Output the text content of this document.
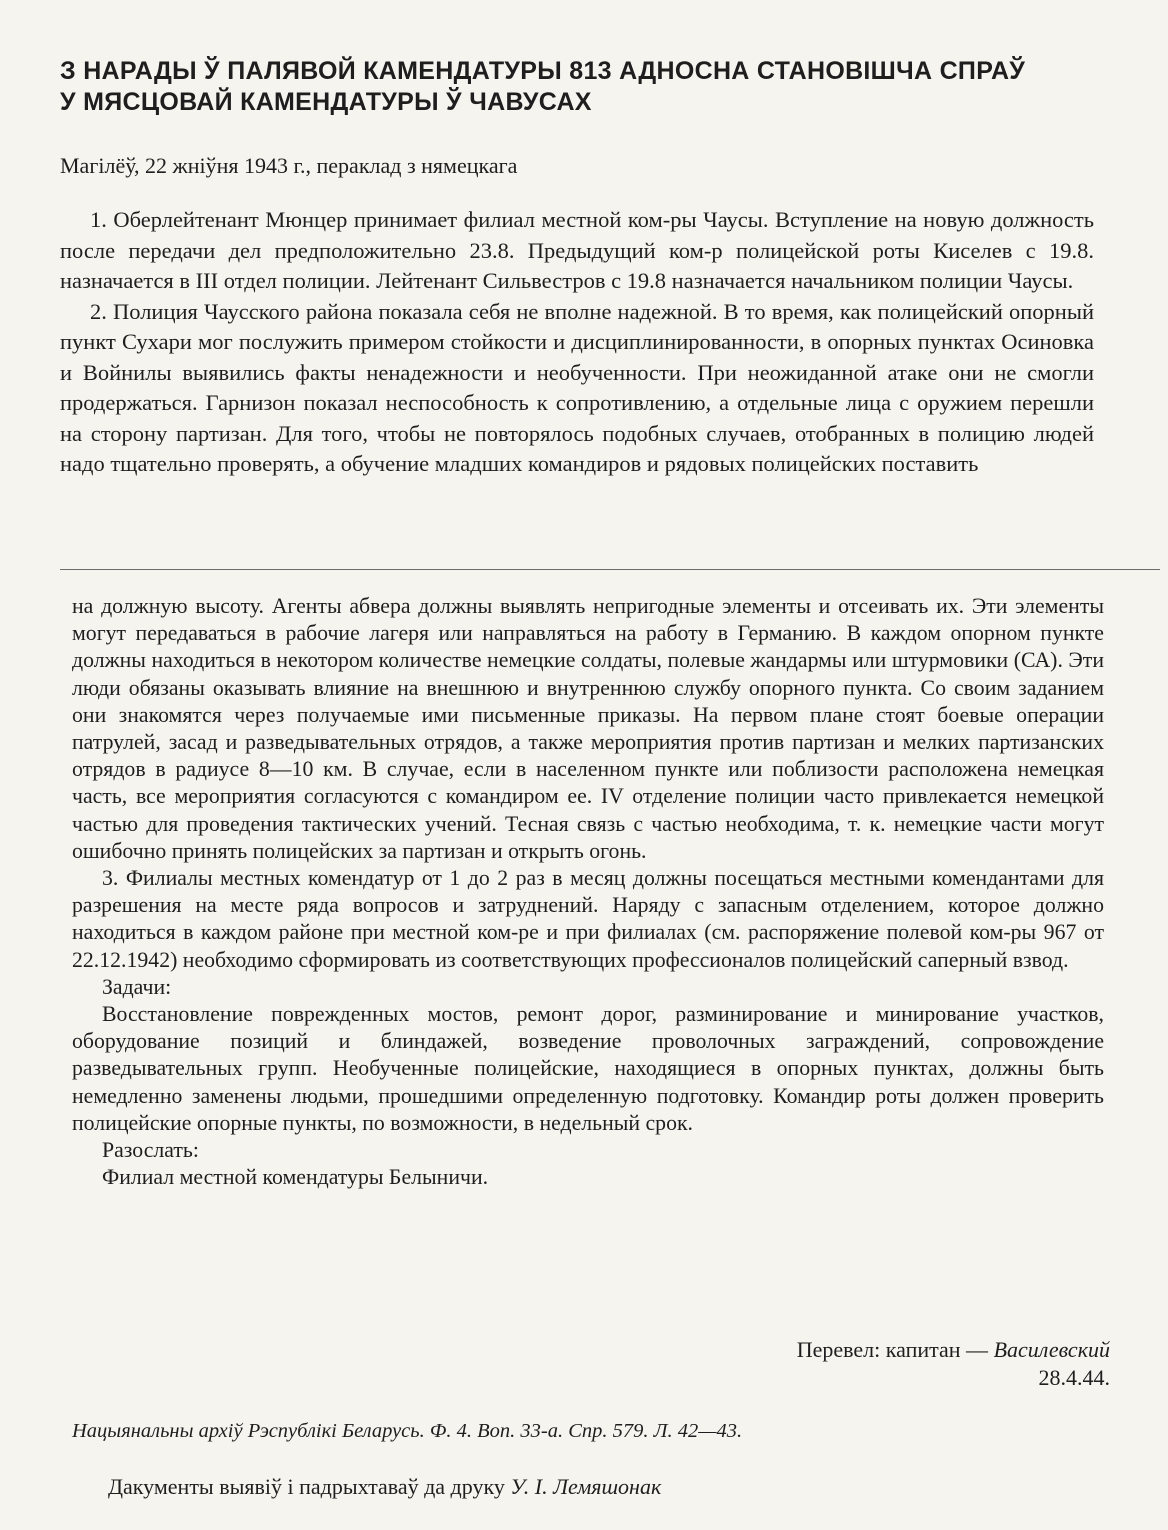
З НАРАДЫ Ў ПАЛЯВОЙ КАМЕНДАТУРЫ 813 АДНОСНА СТАНОВІШЧА СПРАЎ
У МЯСЦОВАЙ КАМЕНДАТУРЫ Ў ЧАВУСАХ
Магілёў, 22 жніўня 1943 г., пераклад з нямецкага

1. Оберлейтенант Мюнцер принимает филиал местной ком-ры Чаусы. Вступление на новую должность после передачи дел предположительно 23.8. Предыдущий ком-р полицейской роты Киселев с 19.8. назначается в III отдел полиции. Лейтенант Сильвестров с 19.8 назначается начальником полиции Чаусы.

2. Полиция Чаусского района показала себя не вполне надежной. В то время, как полицейский опорный пункт Сухари мог послужить примером стойкости и дисциплинированности, в опорных пунктах Осиновка и Войнилы выявились факты ненадежности и необученности. При неожиданной атаке они не смогли продержаться. Гарнизон показал неспособность к сопротивлению, а отдельные лица с оружием перешли на сторону партизан. Для того, чтобы не повторялось подобных случаев, отобранных в полицию людей надо тщательно проверять, а обучение младших командиров и рядовых полицейских поставить

на должную высоту. Агенты абвера должны выявлять непригодные элементы и отсеивать их. Эти элементы могут передаваться в рабочие лагеря или направляться на работу в Германию. В каждом опорном пункте должны находиться в некотором количестве немецкие солдаты, полевые жандармы или штурмовики (СА). Эти люди обязаны оказывать влияние на внешнюю и внутреннюю службу опорного пункта. Со своим заданием они знакомятся через получаемые ими письменные приказы. На первом плане стоят боевые операции патрулей, засад и разведывательных отрядов, а также мероприятия против партизан и мелких партизанских отрядов в радиусе 8—10 км. В случае, если в населенном пункте или поблизости расположена немецкая часть, все мероприятия согласуются с командиром ее. IV отделение полиции часто привлекается немецкой частью для проведения тактических учений. Тесная связь с частью необходима, т. к. немецкие части могут ошибочно принять полицейских за партизан и открыть огонь.

3. Филиалы местных комендатур от 1 до 2 раз в месяц должны посещаться местными комендантами для разрешения на месте ряда вопросов и затруднений. Наряду с запасным отделением, которое должно находиться в каждом районе при местной ком-ре и при филиалах (см. распоряжение полевой ком-ры 967 от 22.12.1942) необходимо сформировать из соответствующих профессионалов полицейский саперный взвод.

Задачи:

Восстановление поврежденных мостов, ремонт дорог, разминирование и минирование участков, оборудование позиций и блиндажей, возведение проволочных заграждений, сопровождение разведывательных групп. Необученные полицейские, находящиеся в опорных пунктах, должны быть немедленно заменены людьми, прошедшими определенную подготовку. Командир роты должен проверить полицейские опорные пункты, по возможности, в недельный срок.

Разослать:

Филиал местной комендатуры Белыничи.

Перевел: капитан — Василевский
28.4.44.
Нацыянальны архіў Рэспублікі Беларусь. Ф. 4. Воп. 33-а. Спр. 579. Л. 42—43.
Дакументы выявіў і падрыхтаваў да друку У. І. Лемяшонак
